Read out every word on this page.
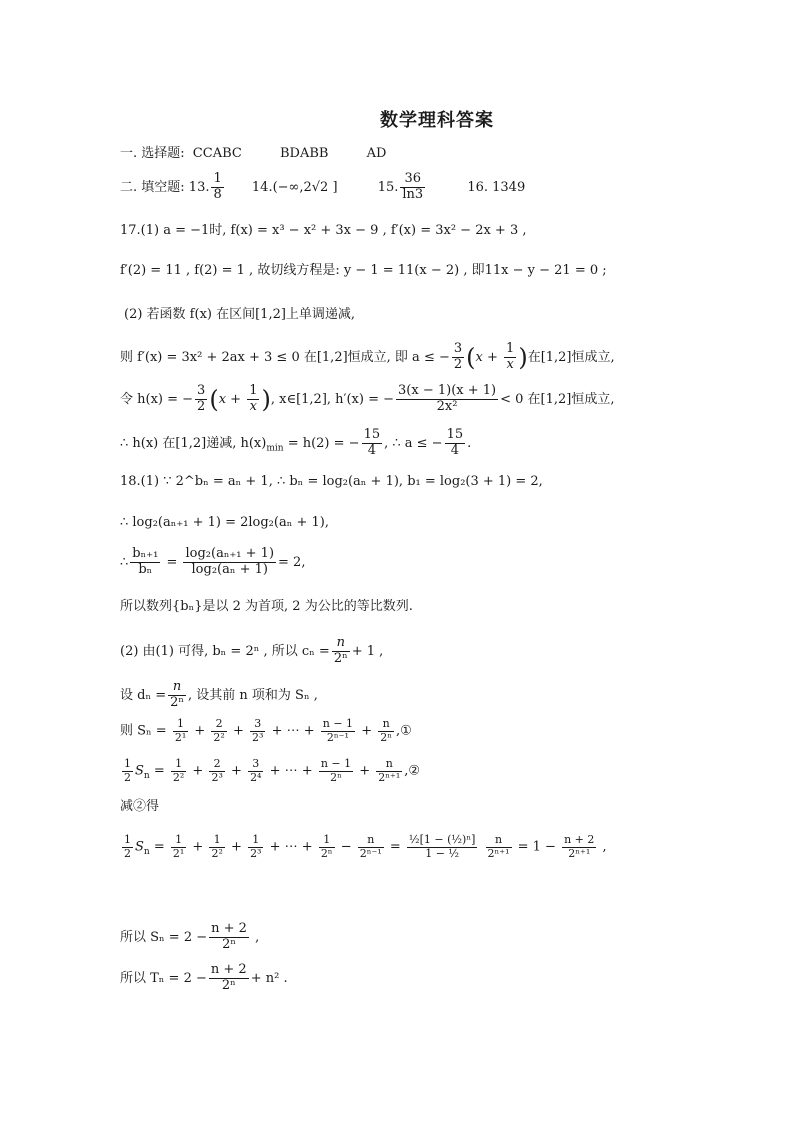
数学理科答案
一. 选择题: CCABC	BDABB	AD
二. 填空题: 13. $\frac{1}{8} 14.(-\infty,2√2$ ]	15. $\frac{36}{\ln 3}$	16. 1349
17.(1) a = −1时, f(x) = x³ − x² + 3x − 9 , f′(x) = 3x² − 2x + 3 ,
f′(2) = 11 , f(2) = 1 , 故切线方程是: y − 1 = 11(x − 2) , 即11x − y − 21 = 0 ;
(2) 若函数 f(x) 在区间[1,2]上单调递减,
则 f′(x) = 3x² + 2ax + 3 ≤ 0 在[1,2]恒成立, 即 a ≤ − $\frac{3}{2} (x + \frac{1}{x}$ )在[1,2]恒成立,
令 h(x) = − $\frac{3}{2} (x + \frac{1}{x}$ ), x∈[1,2], h′(x) = − $\frac{3(x - 1)(x + 1)}{\text{2x²}} < 0$ 在[1,2]恒成立,
∴ h(x) 在[1,2]递减, $h(x)_{min} = h(2)$ = − $\frac{15}{4}$ , ∴ a ≤ − $\frac{15}{4}$ .
18.(1) ∵ 2^bₙ = aₙ + 1, ∴ bₙ = log₂(aₙ + 1), b₁ = log₂(3 + 1) = 2,
∴ log₂(aₙ₊₁ + 1) = 2log₂(aₙ + 1),
∴ $\frac{\text{bₙ₊₁}}{\text{bₙ}} = \frac{\text{log₂(aₙ₊₁ + 1)}}{\text{log₂(aₙ + 1)}} = 2$,
所以数列{bₙ}是以 2 为首项, 2 为公比的等比数列.
(2) 由(1) 可得, bₙ = 2ⁿ , 所以 $c_n = \frac{n}{\text{2ⁿ}} + 1$ ,
设 $d_n = \frac{n}{\text{2ⁿ}}$ , 设其前 n 项和为 Sₙ ,
则 $S_n = \frac{1}{\text{2¹}} + \frac{2}{\text{2²}} + \frac{3}{\text{2³}}$ + ⋯ + $\frac{n - 1}{\text{2ⁿ⁻¹}} + \frac{n}{\text{2ⁿ}}$ ,①
$\frac{1}{2} S_n = \frac{1}{\text{2²}} + \frac{2}{\text{2³}} + \frac{3}{\text{2⁴}}$ + ⋯ + $\frac{n - 1}{\text{2ⁿ}} + \frac{n}{\text{2ⁿ⁺¹}}$ ,②
减②得
$\frac{1}{2} S_n = \frac{1}{\text{2¹}} + \frac{1}{\text{2²}} + \frac{1}{\text{2³}}$ + ⋯ + $\frac{1}{\text{2ⁿ}} - \frac{n}{\text{2ⁿ⁻¹}} = \frac{\text{½[1 − (½)ⁿ]}}{\text{1 − ½}}$
$\frac{n}{\text{2ⁿ⁺¹}} = 1 - \frac{n + 2}{\text{2ⁿ⁺¹}}$ ,
所以 $S_n = 2 - \frac{n + 2}{\text{2ⁿ}}$ ,
所以 $T_n = 2 - \frac{n + 2}{\text{2ⁿ}} + n^2$ .
